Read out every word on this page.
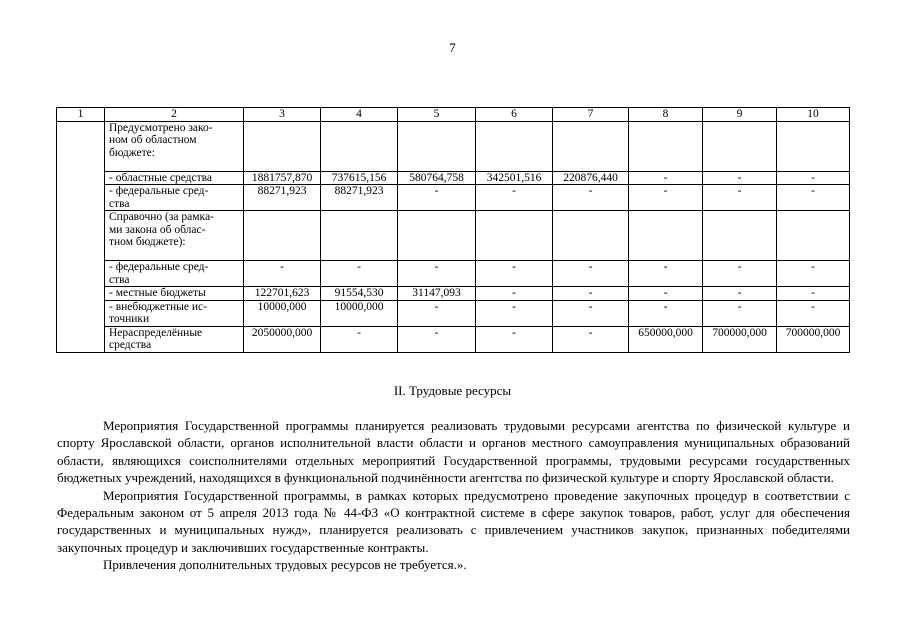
7
1	2	3	4	5	6	7	8	9	10
	Предусмотрено зако-
ном об областном
бюджете:								
	- областные средства	1881757,870	737615,156	580764,758	342501,516	220876,440	-	-	-
	- федеральные сред-
ства	88271,923	88271,923	-	-	-	-	-	-
	Справочно (за рамка-
ми закона об облас-
тном бюджете):								
	- федеральные сред-
ства	-	-	-	-	-	-	-	-
	- местные бюджеты	122701,623	91554,530	31147,093	-	-	-	-	-
	- внебюджетные ис-
точники	10000,000	10000,000	-	-	-	-	-	-
	Нераспределённые
средства	2050000,000	-	-	-	-	650000,000	700000,000	700000,000
II. Трудовые ресурсы

Мероприятия Государственной программы планируется реализовать трудовыми ресурсами агентства по физической культуре и спорту Ярославской области, органов исполнительной власти области и органов местного самоуправления муниципальных образований области, являющихся соисполнителями отдельных мероприятий Государственной программы, трудовыми ресурсами государственных бюджетных учреждений, находящихся в функциональной подчинённости агентства по физической культуре и спорту Ярославской области.

Мероприятия Государственной программы, в рамках которых предусмотрено проведение закупочных процедур в соответствии с Федеральным законом от 5 апреля 2013 года № 44-ФЗ «О контрактной системе в сфере закупок товаров, работ, услуг для обеспечения государственных и муниципальных нужд», планируется реализовать с привлечением участников закупок, признанных победителями закупочных процедур и заключивших государственные контракты.

Привлечения дополнительных трудовых ресурсов не требуется.».
